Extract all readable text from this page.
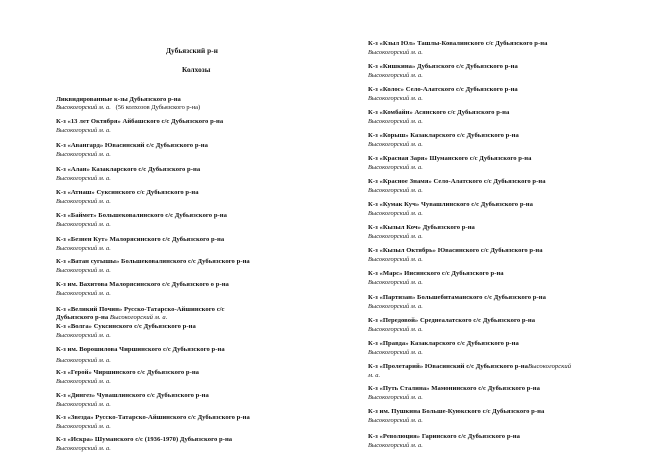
Дубьязский р-н
Колхозы
Ликвидированные к-зы Дубьязского р-на
Высокогорский м. а. (56 колхозов Дубьязского р-на)
К-з «13 лет Октября» Айбашского с/с Дубьязского р-на
Высокогорский м. а.
К-з «Авангард» Ювасинский с/с Дубьязского р-на
Высокогорский м. а.
К-з «Алан» Казакларского с/с Дубьязского р-на
Высокогорский м. а.
К-з «Атнаш» Суксинского с/с Дубьязского р-на
Высокогорский м. а.
К-з «Баймет» Большековалинского с/с Дубьязского р-на
Высокогорский м. а.
К-з «Безнен Кут» Малорясинского с/с Дубьязского р-на
Высокогорский м. а.
К-з «Ватан сугышы» Большековалинского с/с Дубьязского р-на
Высокогорский м. а.
К-з им. Вахитова Малорясинского с/с Дубьязского о р-на
Высокогорский м. а.
К-з «Великий Почин» Русско-Татарско-Айшинского с/с
Дубьязского р-на Высокогорский м. а.
К-з «Волга» Суксинского с/с Дубьязского р-на
Высокогорский м. а.
К-з им. Ворошилова Чиршинского с/с Дубьязского р-на
Высокогорский м. а.
К-з «Герой» Чиршинского с/с Дубьязского р-на
Высокогорский м. а.
К-з «Дингез» Чувашлинского с/с Дубьязского р-на
Высокогорский м. а.
К-з «Звезда» Русско-Татарско-Айшинского с/с Дубьязского р-на
Высокогорский м. а.
К-з «Искра» Шуманского с/с (1936-1970) Дубьязского р-на
Высокогорский м. а.
К-з «Кзыл Юл» Ташлы-Ковалинского с/с Дубьязского р-на
Высокогорский м. а.
К-з «Кишкина» Дубьязского с/с Дубьязского р-на
Высокогорский м. а.
К-з «Колос» Село-Алатского с/с Дубьязского р-на
Высокогорский м. а.
К-з «Комбайн» Асянского с/с Дубьязского р-на
Высокогорский м. а.
К-з «Корыш» Казакларского с/с Дубьязского р-на
Высокогорский м. а.
К-з «Красная Заря» Шуманского с/с Дубьязского р-на
Высокогорский м. а.
К-з «Красное Знамя» Село-Алатского с/с Дубьязского р-на
Высокогорский м. а.
К-з «Кумак Куч» Чувашлинского с/с Дубьязского р-на
Высокогорский м. а.
К-з «Кызыл Коч» Дубьязского р-на
Высокогорский м. а.
К-з «Кызыл Октябрь» Ювасинского с/с Дубьязского р-на
Высокогорский м. а.
К-з «Марс» Иисинского с/с Дубьязского р-на
Высокогорский м. а.
К-з «Партизан» Большебитаманского с/с Дубьязского р-на
Высокогорский м. а.
К-з «Передовой» Среднеалатского с/с Дубьязского р-на
Высокогорский м. а.
К-з «Правда» Казакларского с/с Дубьязского р-на
Высокогорский м. а.
К-з «Пролетарий» Ювасинский с/с Дубьязского р-наВысокогорский
м. а.
К-з «Путь Сталина» Мамонинского с/с Дубьязского р-на
Высокогорский м. а.
К-з им. Пушкина Больше-Куюкского с/с Дубьязского р-на
Высокогорский м. а.
К-з «Революция» Гаринского с/с Дубьязского р-на
Высокогорский м. а.
